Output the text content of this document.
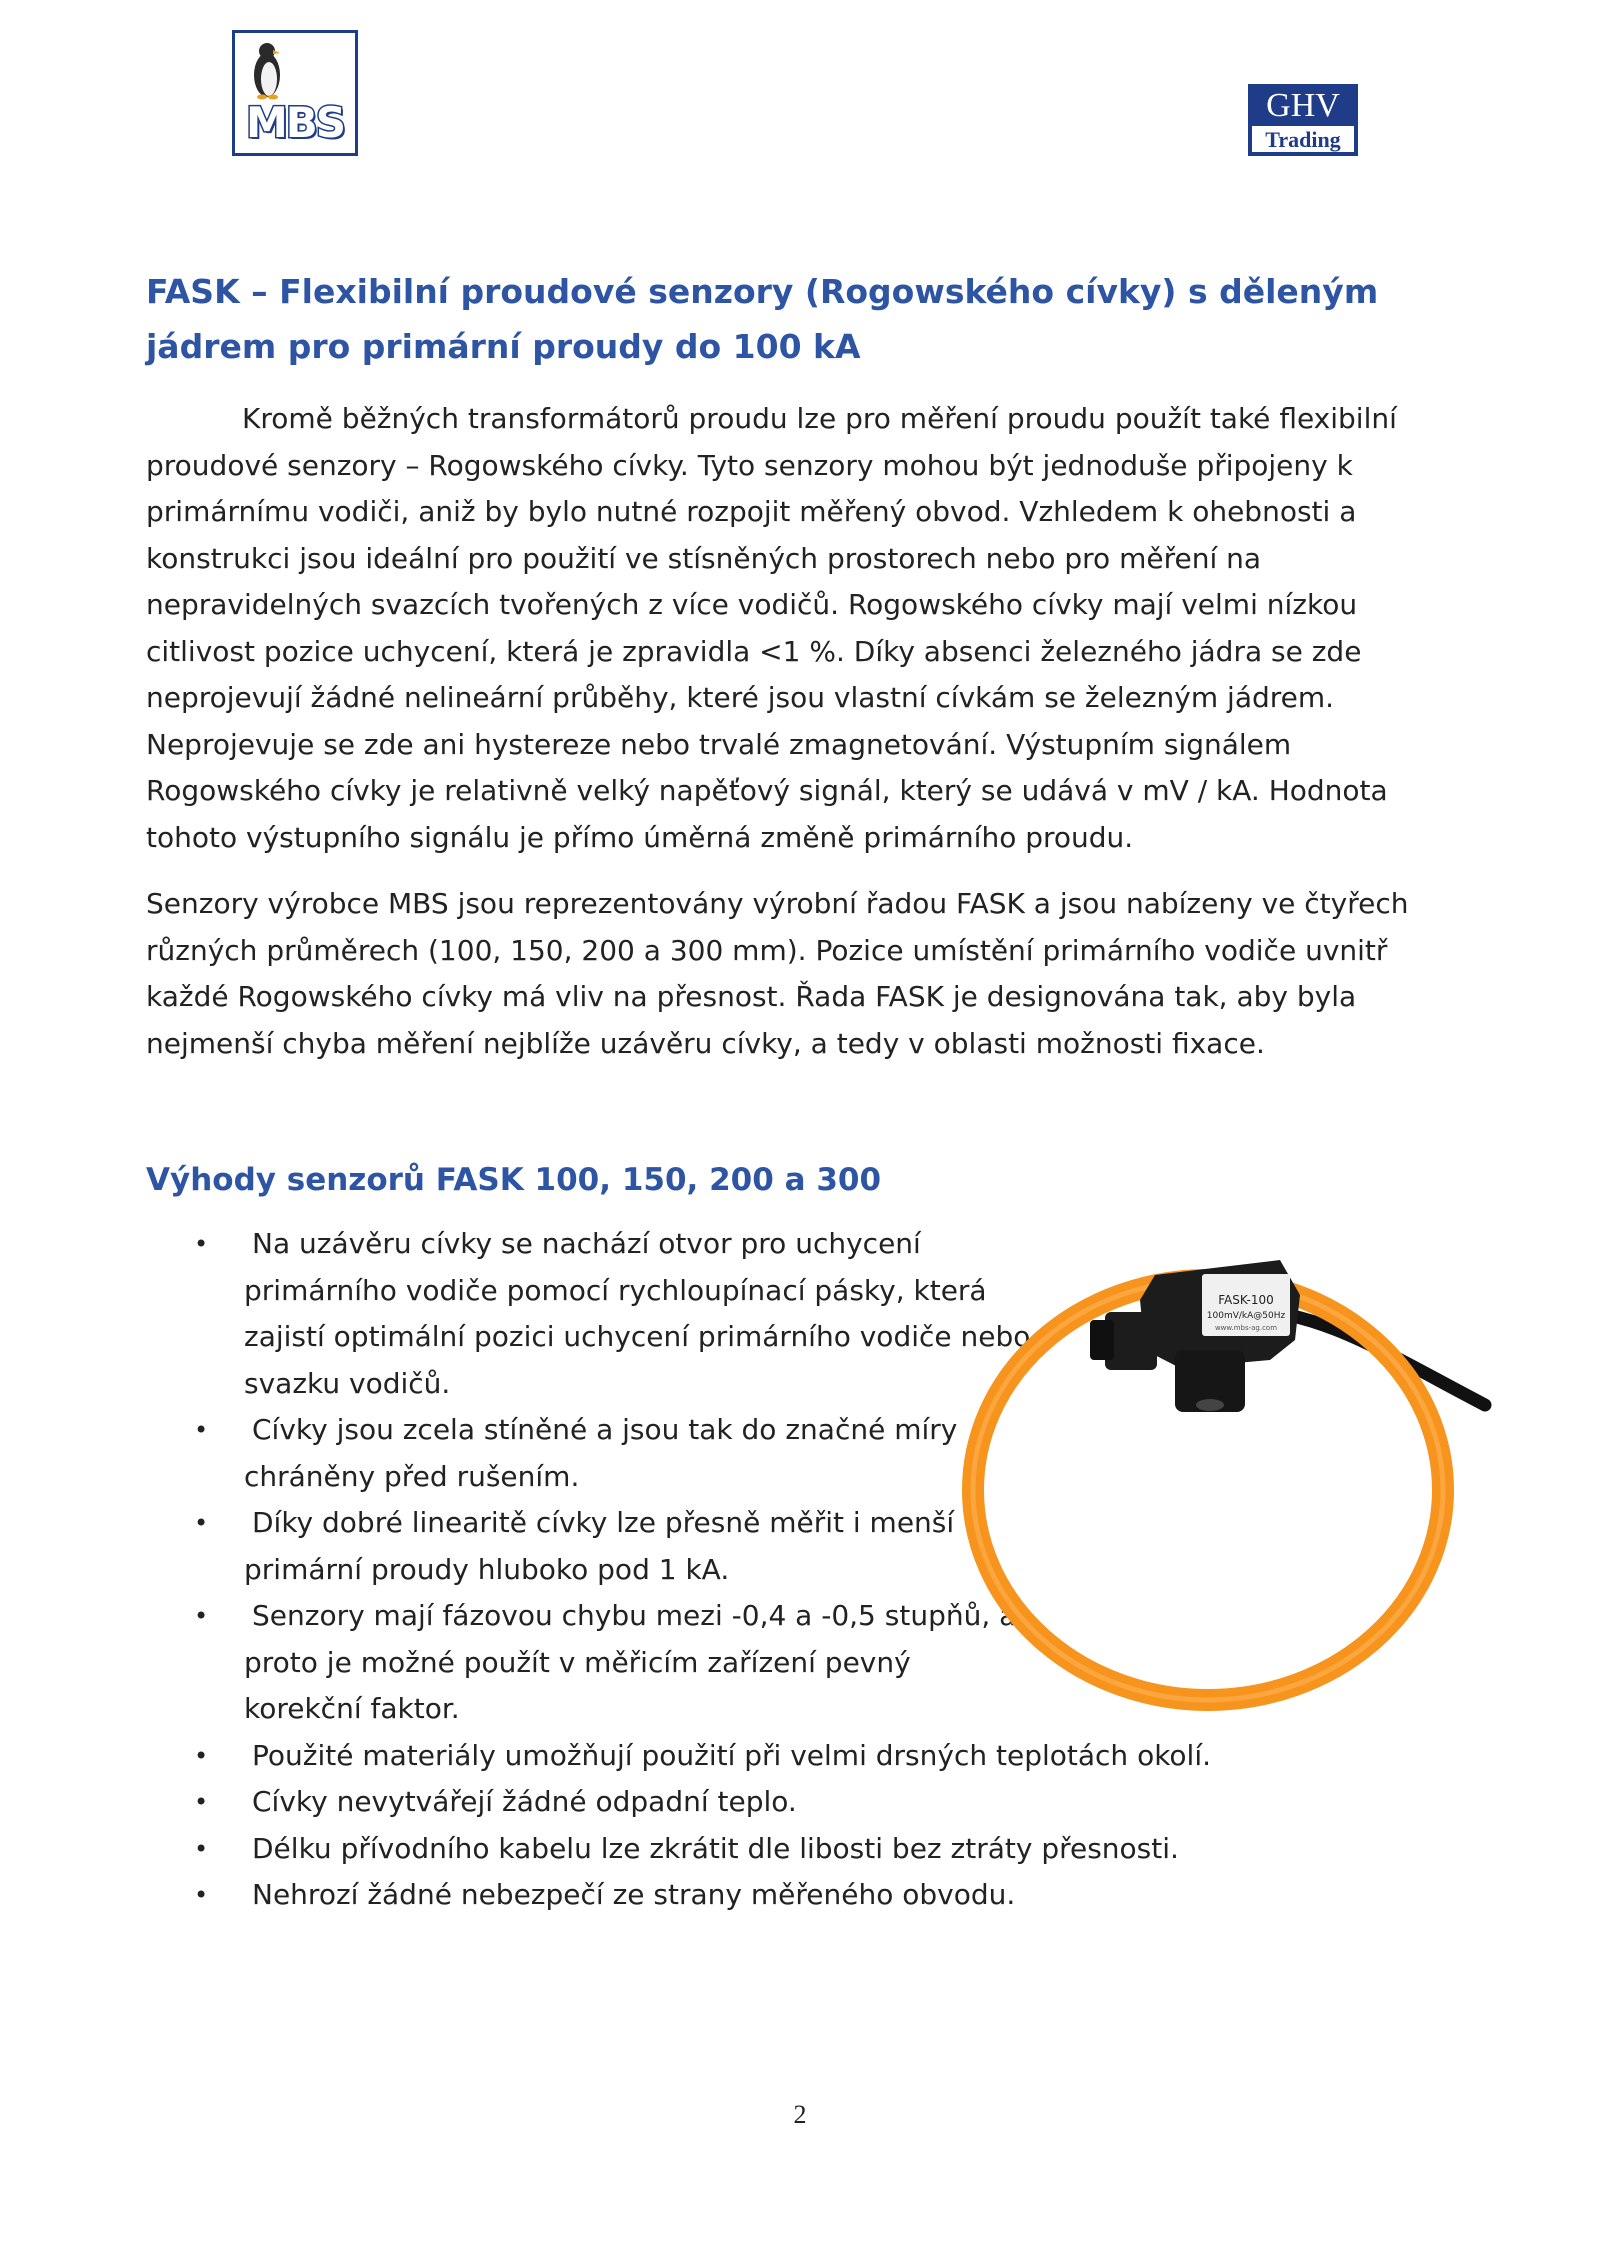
MBS	GHV
Trading
FASK – Flexibilní proudové senzory (Rogowského cívky) s děleným jádrem pro primární proudy do 100 kA

Kromě běžných transformátorů proudu lze pro měření proudu použít také flexibilní proudové senzory – Rogowského cívky. Tyto senzory mohou být jednoduše připojeny k primárnímu vodiči, aniž by bylo nutné rozpojit měřený obvod. Vzhledem k ohebnosti a konstrukci jsou ideální pro použití ve stísněných prostorech nebo pro měření na nepravidelných svazcích tvořených z více vodičů. Rogowského cívky mají velmi nízkou citlivost pozice uchycení, která je zpravidla <1 %. Díky absenci železného jádra se zde neprojevují žádné nelineární průběhy, které jsou vlastní cívkám se železným jádrem. Neprojevuje se zde ani hystereze nebo trvalé zmagnetování. Výstupním signálem Rogowského cívky je relativně velký napěťový signál, který se udává v mV / kA. Hodnota tohoto výstupního signálu je přímo úměrná změně primárního proudu.

Senzory výrobce MBS jsou reprezentovány výrobní řadou FASK a jsou nabízeny ve čtyřech různých průměrech (100, 150, 200 a 300 mm). Pozice umístění primárního vodiče uvnitř každé Rogowského cívky má vliv na přesnost. Řada FASK je designována tak, aby byla nejmenší chyba měření nejblíže uzávěru cívky, a tedy v oblasti možnosti fixace.

Výhody senzorů FASK 100, 150, 200 a 300
• Na uzávěru cívky se nachází otvor pro uchycení primárního vodiče pomocí rychloupínací pásky, která zajistí optimální pozici uchycení primárního vodiče nebo svazku vodičů.
• Cívky jsou zcela stíněné a jsou tak do značné míry chráněny před rušením.
• Díky dobré linearitě cívky lze přesně měřit i menší primární proudy hluboko pod 1 kA.
• Senzory mají fázovou chybu mezi -0,4 a -0,5 stupňů, a proto je možné použít v měřicím zařízení pevný korekční faktor.
• Použité materiály umožňují použití při velmi drsných teplotách okolí.
• Cívky nevytvářejí žádné odpadní teplo.
• Délku přívodního kabelu lze zkrátit dle libosti bez ztráty přesnosti.
• Nehrozí žádné nebezpečí ze strany měřeného obvodu.
FASK-100
100mV/kA@50Hz
www.mbs-ag.com
2
